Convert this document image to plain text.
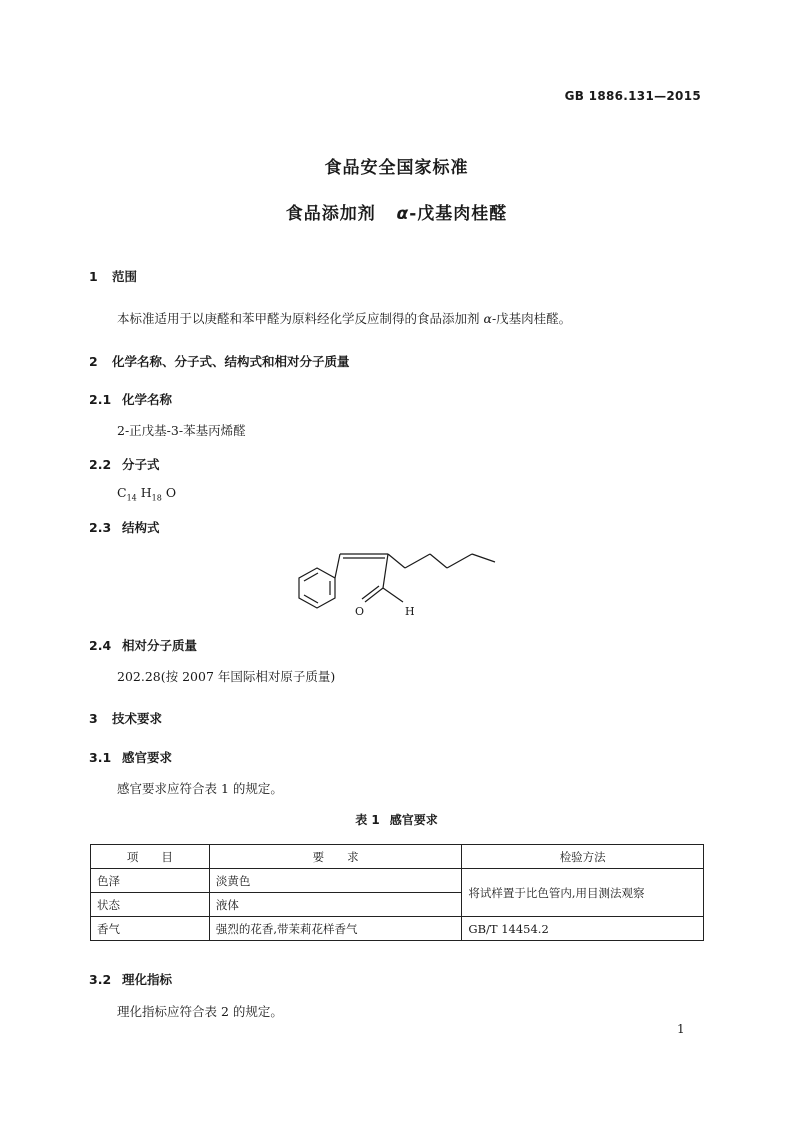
GB 1886.131—2015
食品安全国家标准
食品添加剂 α-戊基肉桂醛
1 范围
本标准适用于以庚醛和苯甲醛为原料经化学反应制得的食品添加剂 α-戊基肉桂醛。
2 化学名称、分子式、结构式和相对分子质量
2.1 化学名称
2-正戊基-3-苯基丙烯醛
2.2 分子式
$C_{14}$ $H_{18}$ O
2.3 结构式
O	H
2.4 相对分子质量
202.28(按 2007 年国际相对原子质量)
3 技术要求
3.1 感官要求
感官要求应符合表 1 的规定。
表 1 感官要求
项　　目	要　　求	检验方法
色泽	淡黄色	将试样置于比色管内,用目测法观察
状态	液体	
香气	强烈的花香,带茉莉花样香气	GB/T 14454.2
3.2 理化指标
理化指标应符合表 2 的规定。
1
